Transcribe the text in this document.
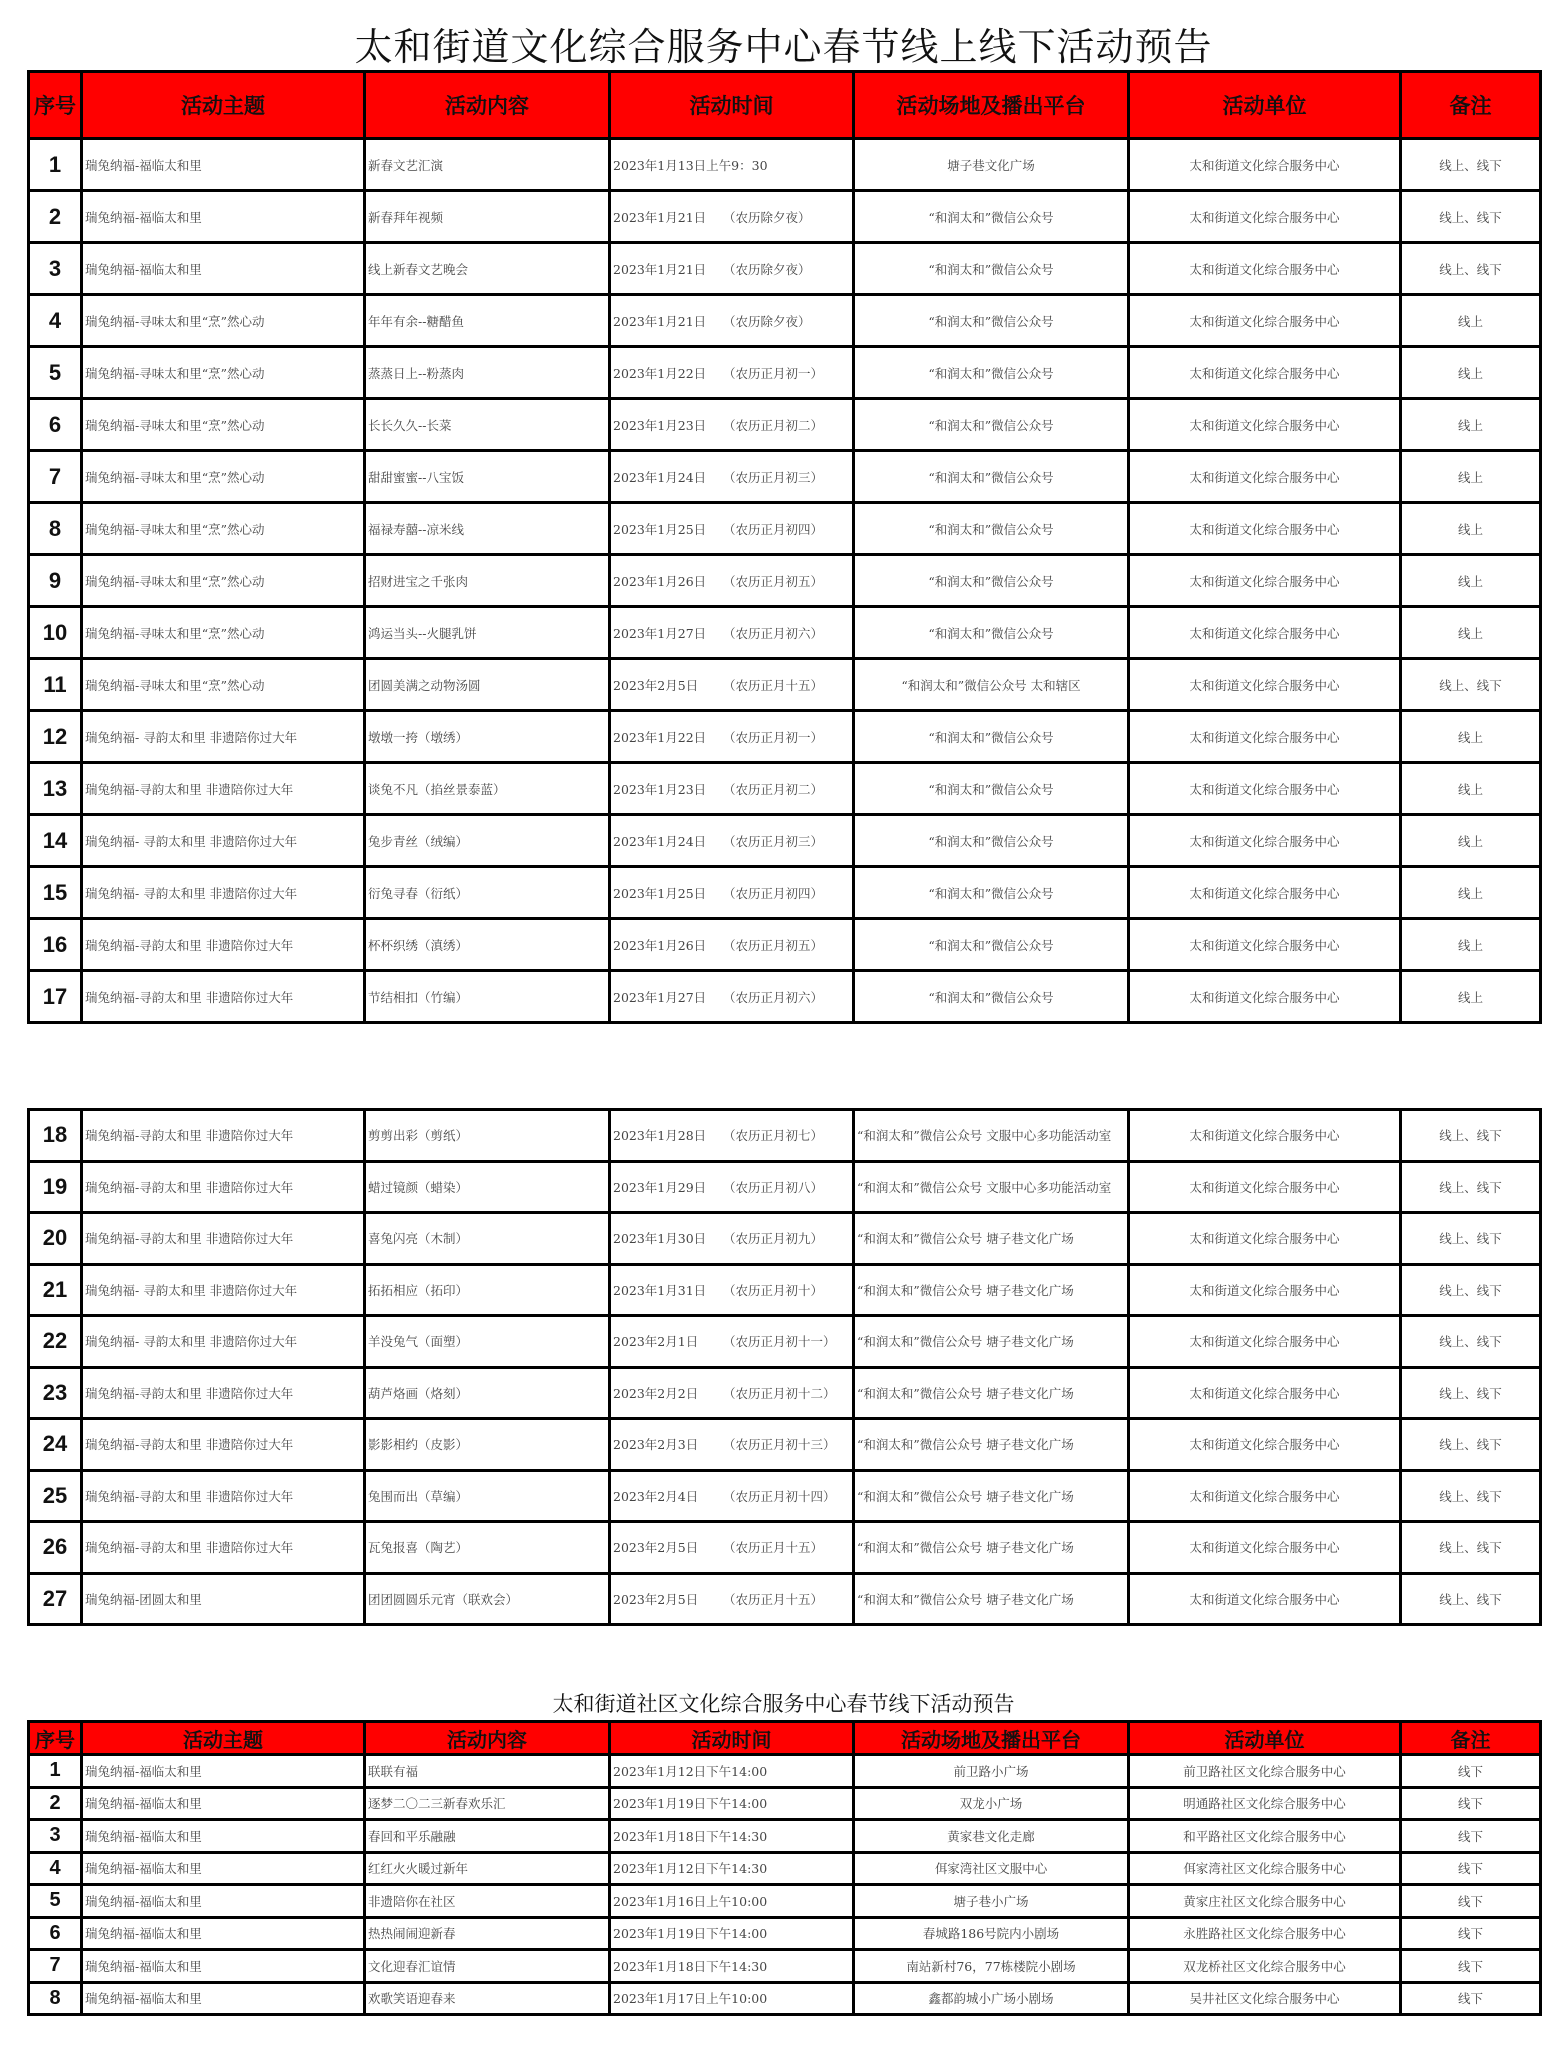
太和街道文化综合服务中心春节线上线下活动预告
序号	活动主题	活动内容	活动时间	活动场地及播出平台	活动单位	备注
1	瑞兔纳福-福临太和里	新春文艺汇演	2023年1月13日上午9：30	塘子巷文化广场	太和街道文化综合服务中心	线上、线下
2	瑞兔纳福-福临太和里	新春拜年视频	2023年1月21日 （农历除夕夜）	“和润太和”微信公众号	太和街道文化综合服务中心	线上、线下
3	瑞兔纳福-福临太和里	线上新春文艺晚会	2023年1月21日 （农历除夕夜）	“和润太和”微信公众号	太和街道文化综合服务中心	线上、线下
4	瑞兔纳福-寻味太和里“烹”然心动	年年有余--糖醋鱼	2023年1月21日 （农历除夕夜）	“和润太和”微信公众号	太和街道文化综合服务中心	线上
5	瑞兔纳福-寻味太和里“烹”然心动	蒸蒸日上--粉蒸肉	2023年1月22日 （农历正月初一）	“和润太和”微信公众号	太和街道文化综合服务中心	线上
6	瑞兔纳福-寻味太和里“烹”然心动	长长久久--长菜	2023年1月23日 （农历正月初二）	“和润太和”微信公众号	太和街道文化综合服务中心	线上
7	瑞兔纳福-寻味太和里“烹”然心动	甜甜蜜蜜--八宝饭	2023年1月24日 （农历正月初三）	“和润太和”微信公众号	太和街道文化综合服务中心	线上
8	瑞兔纳福-寻味太和里“烹”然心动	福禄寿囍--凉米线	2023年1月25日 （农历正月初四）	“和润太和”微信公众号	太和街道文化综合服务中心	线上
9	瑞兔纳福-寻味太和里“烹”然心动	招财进宝之千张肉	2023年1月26日 （农历正月初五）	“和润太和”微信公众号	太和街道文化综合服务中心	线上
10	瑞兔纳福-寻味太和里“烹”然心动	鸿运当头--火腿乳饼	2023年1月27日 （农历正月初六）	“和润太和”微信公众号	太和街道文化综合服务中心	线上
11	瑞兔纳福-寻味太和里“烹”然心动	团圆美满之动物汤圆	2023年2月5日 （农历正月十五）	“和润太和”微信公众号 太和辖区	太和街道文化综合服务中心	线上、线下
12	瑞兔纳福- 寻韵太和里 非遗陪你过大年	墩墩一挎（墩绣）	2023年1月22日 （农历正月初一）	“和润太和”微信公众号	太和街道文化综合服务中心	线上
13	瑞兔纳福-寻韵太和里 非遗陪你过大年	谈兔不凡（掐丝景泰蓝）	2023年1月23日 （农历正月初二）	“和润太和”微信公众号	太和街道文化综合服务中心	线上
14	瑞兔纳福- 寻韵太和里 非遗陪你过大年	兔步青丝（绒编）	2023年1月24日 （农历正月初三）	“和润太和”微信公众号	太和街道文化综合服务中心	线上
15	瑞兔纳福- 寻韵太和里 非遗陪你过大年	衍兔寻春（衍纸）	2023年1月25日 （农历正月初四）	“和润太和”微信公众号	太和街道文化综合服务中心	线上
16	瑞兔纳福-寻韵太和里 非遗陪你过大年	杯杯织绣（滇绣）	2023年1月26日 （农历正月初五）	“和润太和”微信公众号	太和街道文化综合服务中心	线上
17	瑞兔纳福-寻韵太和里 非遗陪你过大年	节结相扣（竹编）	2023年1月27日 （农历正月初六）	“和润太和”微信公众号	太和街道文化综合服务中心	线上
18	瑞兔纳福-寻韵太和里 非遗陪你过大年	剪剪出彩（剪纸）	2023年1月28日 （农历正月初七）	“和润太和”微信公众号 文服中心多功能活动室	太和街道文化综合服务中心	线上、线下
19	瑞兔纳福-寻韵太和里 非遗陪你过大年	蜡过镜颜（蜡染）	2023年1月29日 （农历正月初八）	“和润太和”微信公众号 文服中心多功能活动室	太和街道文化综合服务中心	线上、线下
20	瑞兔纳福-寻韵太和里 非遗陪你过大年	喜兔闪亮（木制）	2023年1月30日 （农历正月初九）	“和润太和”微信公众号 塘子巷文化广场	太和街道文化综合服务中心	线上、线下
21	瑞兔纳福- 寻韵太和里 非遗陪你过大年	拓拓相应（拓印）	2023年1月31日 （农历正月初十）	“和润太和”微信公众号 塘子巷文化广场	太和街道文化综合服务中心	线上、线下
22	瑞兔纳福- 寻韵太和里 非遗陪你过大年	羊没兔气（面塑）	2023年2月1日 （农历正月初十一）	“和润太和”微信公众号 塘子巷文化广场	太和街道文化综合服务中心	线上、线下
23	瑞兔纳福-寻韵太和里 非遗陪你过大年	葫芦烙画（烙刻）	2023年2月2日 （农历正月初十二）	“和润太和”微信公众号 塘子巷文化广场	太和街道文化综合服务中心	线上、线下
24	瑞兔纳福-寻韵太和里 非遗陪你过大年	影影相约（皮影）	2023年2月3日 （农历正月初十三）	“和润太和”微信公众号 塘子巷文化广场	太和街道文化综合服务中心	线上、线下
25	瑞兔纳福-寻韵太和里 非遗陪你过大年	兔围而出（草编）	2023年2月4日 （农历正月初十四）	“和润太和”微信公众号 塘子巷文化广场	太和街道文化综合服务中心	线上、线下
26	瑞兔纳福-寻韵太和里 非遗陪你过大年	瓦兔报喜（陶艺）	2023年2月5日 （农历正月十五）	“和润太和”微信公众号 塘子巷文化广场	太和街道文化综合服务中心	线上、线下
27	瑞兔纳福-团圆太和里	团团圆圆乐元宵（联欢会）	2023年2月5日 （农历正月十五）	“和润太和”微信公众号 塘子巷文化广场	太和街道文化综合服务中心	线上、线下
太和街道社区文化综合服务中心春节线下活动预告
序号	活动主题	活动内容	活动时间	活动场地及播出平台	活动单位	备注
1	瑞兔纳福-福临太和里	联联有福	2023年1月12日下午14:00	前卫路小广场	前卫路社区文化综合服务中心	线下
2	瑞兔纳福-福临太和里	逐梦二〇二三新春欢乐汇	2023年1月19日下午14:00	双龙小广场	明通路社区文化综合服务中心	线下
3	瑞兔纳福-福临太和里	春回和平乐融融	2023年1月18日下午14:30	黄家巷文化走廊	和平路社区文化综合服务中心	线下
4	瑞兔纳福-福临太和里	红红火火暖过新年	2023年1月12日下午14:30	佴家湾社区文服中心	佴家湾社区文化综合服务中心	线下
5	瑞兔纳福-福临太和里	非遗陪你在社区	2023年1月16日上午10:00	塘子巷小广场	黄家庄社区文化综合服务中心	线下
6	瑞兔纳福-福临太和里	热热闹闹迎新春	2023年1月19日下午14:00	春城路186号院内小剧场	永胜路社区文化综合服务中心	线下
7	瑞兔纳福-福临太和里	文化迎春汇谊情	2023年1月18日下午14:30	南站新村76，77栋楼院小剧场	双龙桥社区文化综合服务中心	线下
8	瑞兔纳福-福临太和里	欢歌笑语迎春来	2023年1月17日上午10:00	鑫都韵城小广场小剧场	吴井社区文化综合服务中心	线下
